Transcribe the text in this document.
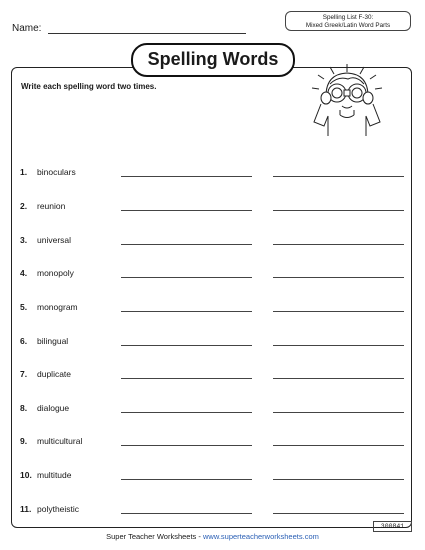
Name:
Spelling List F-30:
Mixed Greek/Latin Word Parts
Spelling Words
Write each spelling word two times.
1. binoculars
2. reunion
3. universal
4. monopoly
5. monogram
6. bilingual
7. duplicate
8. dialogue
9. multicultural
10. multitude
11. polytheistic
300841
Super Teacher Worksheets - www.superteacherworksheets.com
